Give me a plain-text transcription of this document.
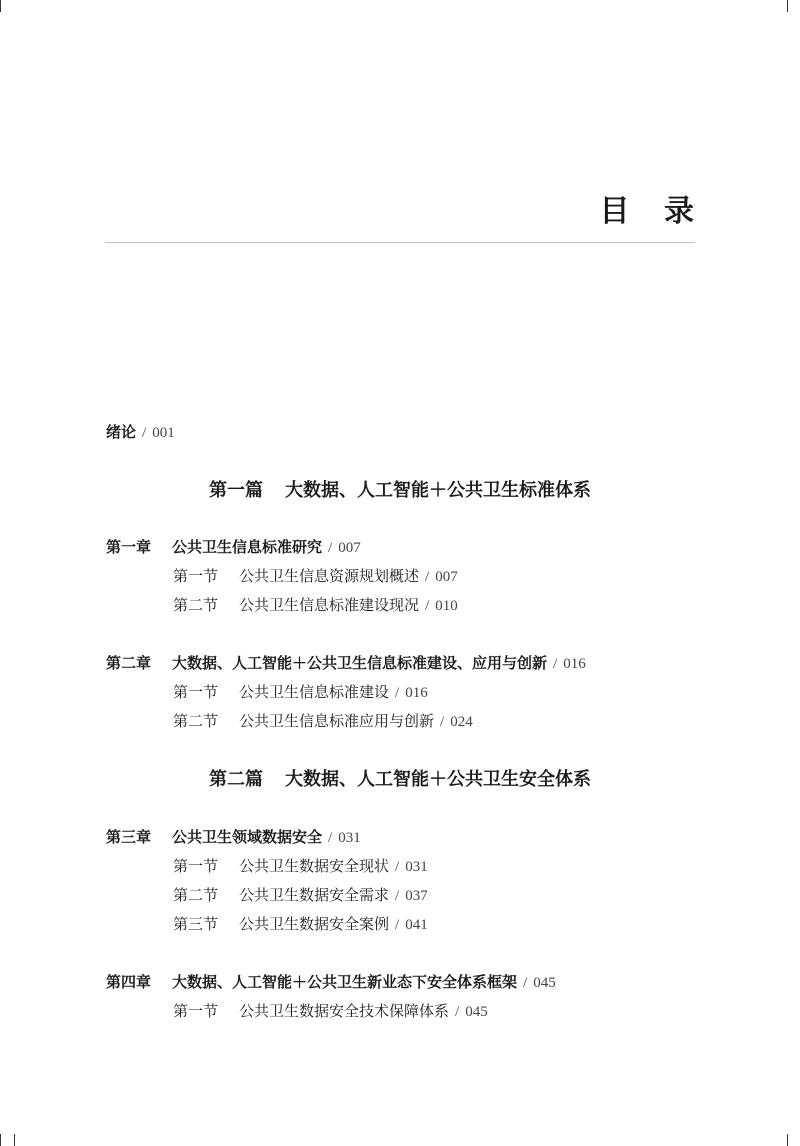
目 录
绪论 / 001
第一篇 大数据、人工智能＋公共卫生标准体系
第一章 公共卫生信息标准研究 / 007
第一节 公共卫生信息资源规划概述 / 007
第二节 公共卫生信息标准建设现况 / 010
第二章 大数据、人工智能＋公共卫生信息标准建设、应用与创新 / 016
第一节 公共卫生信息标准建设 / 016
第二节 公共卫生信息标准应用与创新 / 024
第二篇 大数据、人工智能＋公共卫生安全体系
第三章 公共卫生领域数据安全 / 031
第一节 公共卫生数据安全现状 / 031
第二节 公共卫生数据安全需求 / 037
第三节 公共卫生数据安全案例 / 041
第四章 大数据、人工智能＋公共卫生新业态下安全体系框架 / 045
第一节 公共卫生数据安全技术保障体系 / 045
